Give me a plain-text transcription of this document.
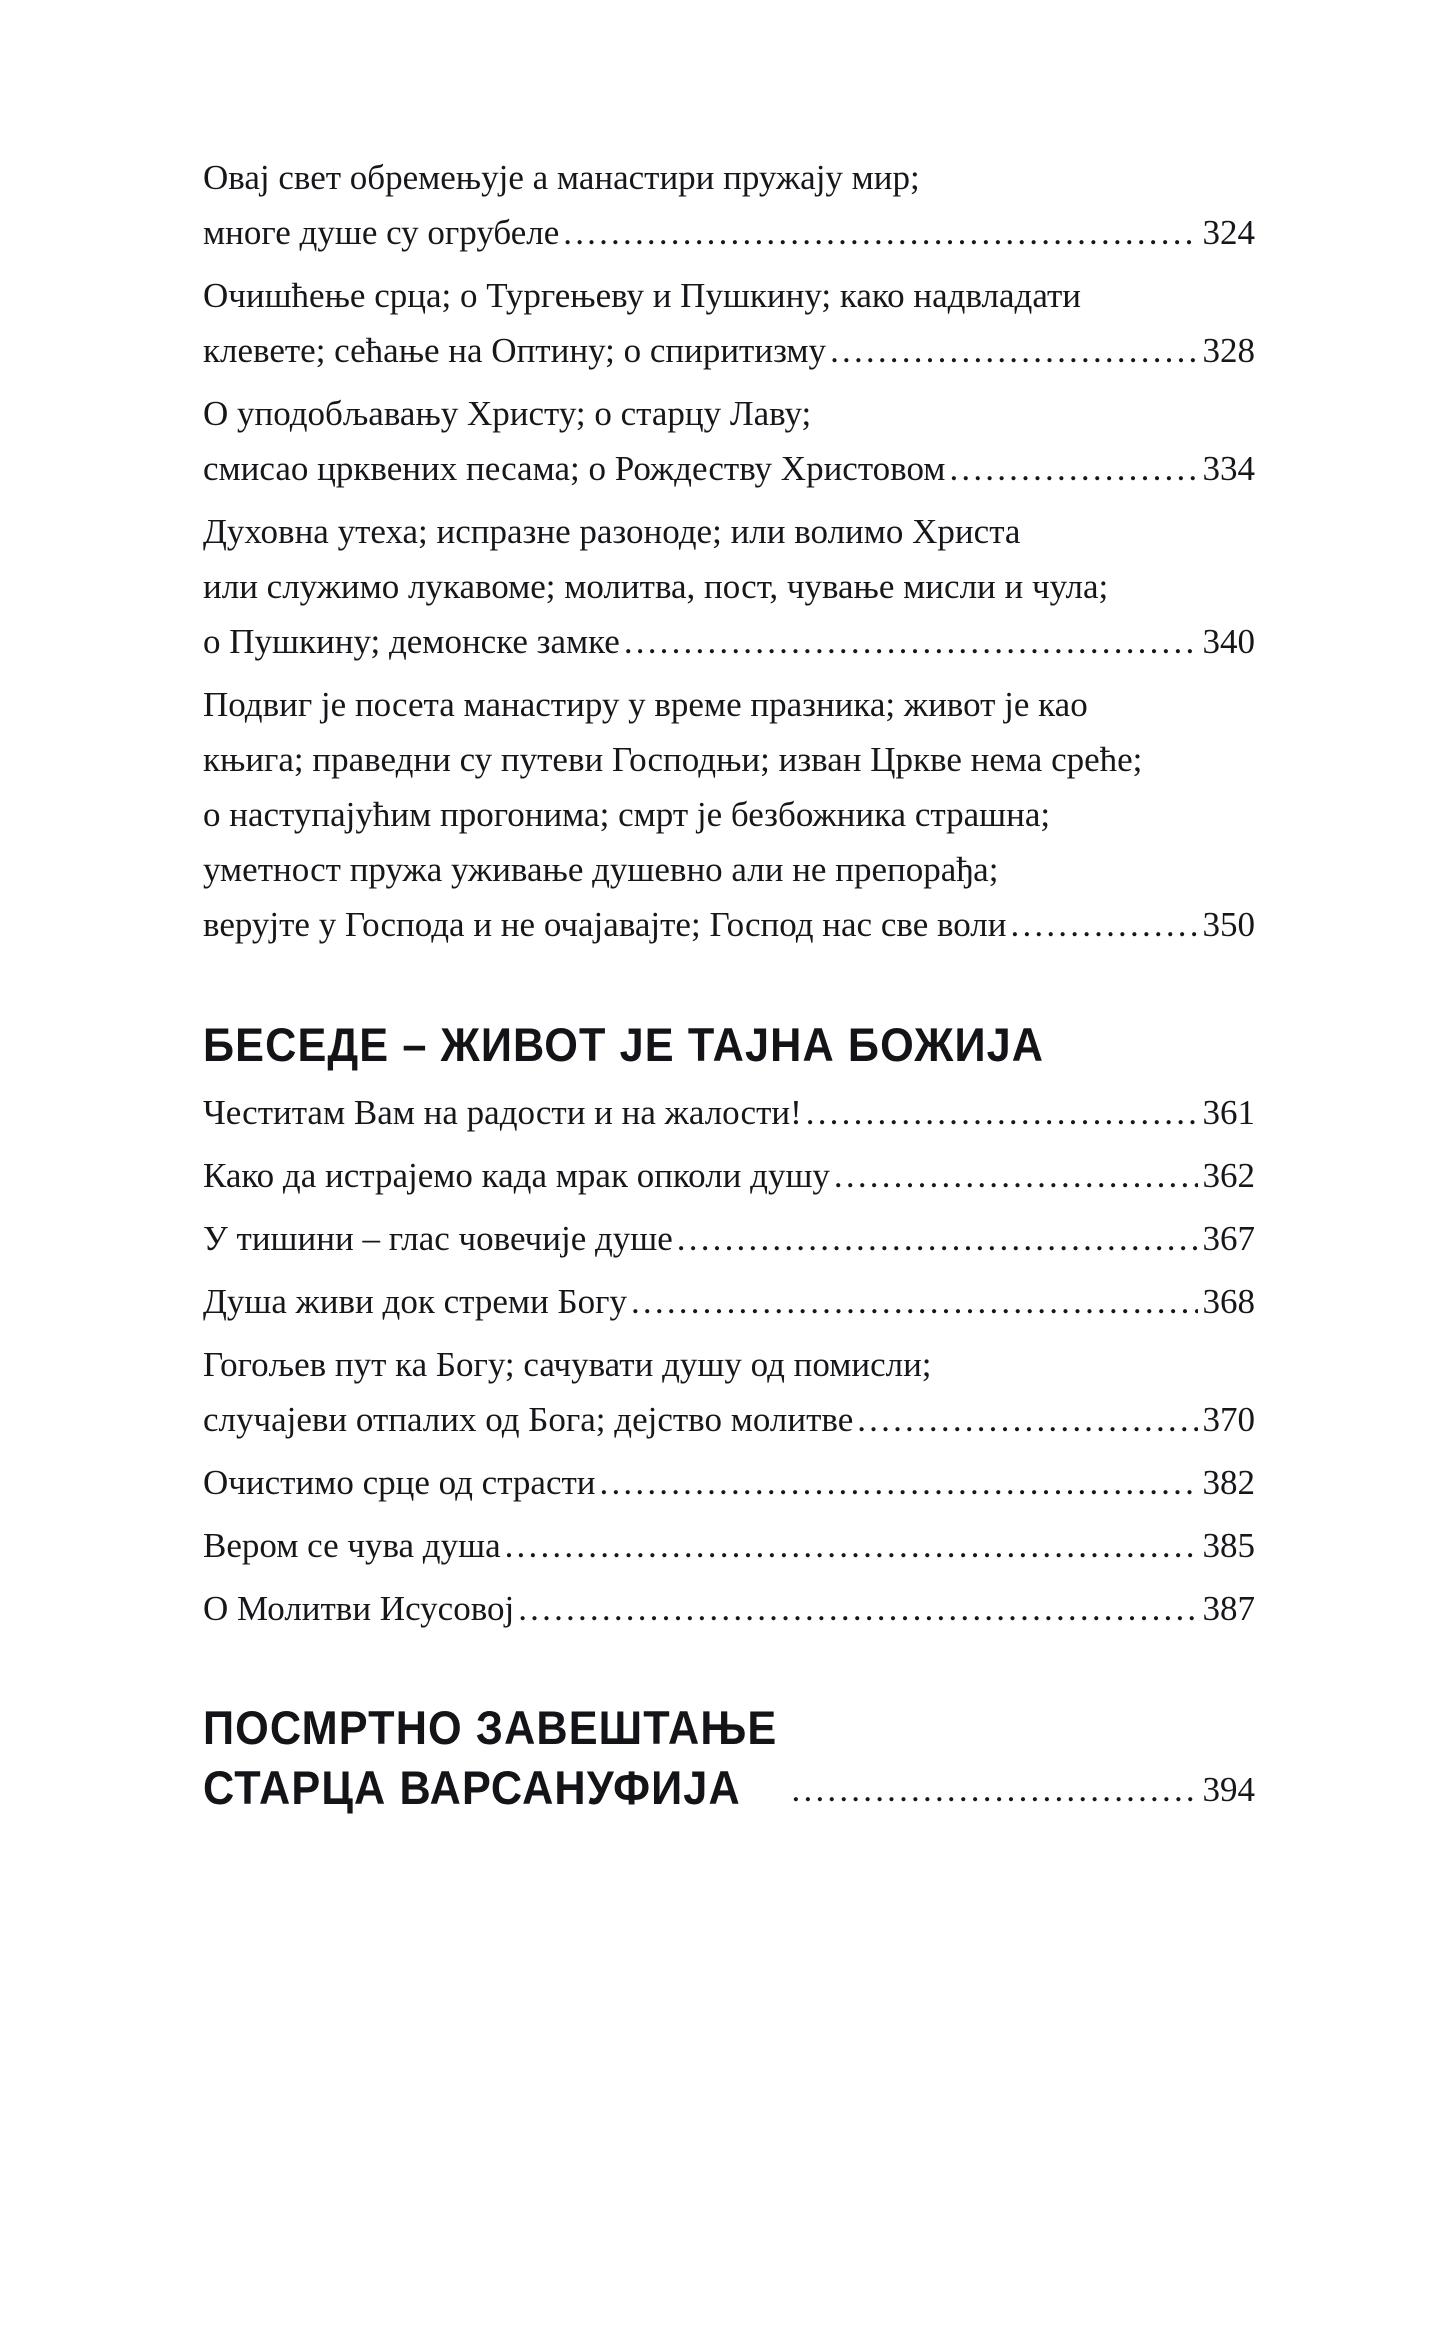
Овај свет обремењује а манастири пружају мир;
многе душе су огрубеле .....	324
Очишћење срца; о Тургењеву и Пушкину; како надвладати
клевете; сећање на Оптину; о спиритизму .....	328
О уподобљавању Христу; о старцу Лаву;
смисао црквених песама; о Рождеству Христовом .....	334
Духовна утеха; испразне разоноде; или волимо Христа
или служимо лукавоме; молитва, пост, чување мисли и чула;
о Пушкину; демонске замке .....	340
Подвиг је посета манастиру у време празника; живот је као
књига; праведни су путеви Господњи; изван Цркве нема среће;
о наступајућим прогонима; смрт је безбожника страшна;
уметност пружа уживање душевно али не препорађа;
верујте у Господа и не очајавајте; Господ нас све воли .....	350
БЕСЕДЕ – ЖИВОТ ЈЕ ТАЈНА БОЖИЈА
Честитам Вам на радости и на жалости! .....	361
Како да истрајемо када мрак опколи душу .....	362
У тишини – глас човечије душе .....	367
Душа живи док стреми Богу .....	368
Гогољев пут ка Богу; сачувати душу од помисли;
случајеви отпалих од Бога; дејство молитве .....	370
Очистимо срце од страсти .....	382
Вером се чува душа .....	385
О Молитви Исусовој .....	387
ПОСМРТНО ЗАВЕШТАЊЕ
СТАРЦА ВАРСАНУФИЈА .....	394
